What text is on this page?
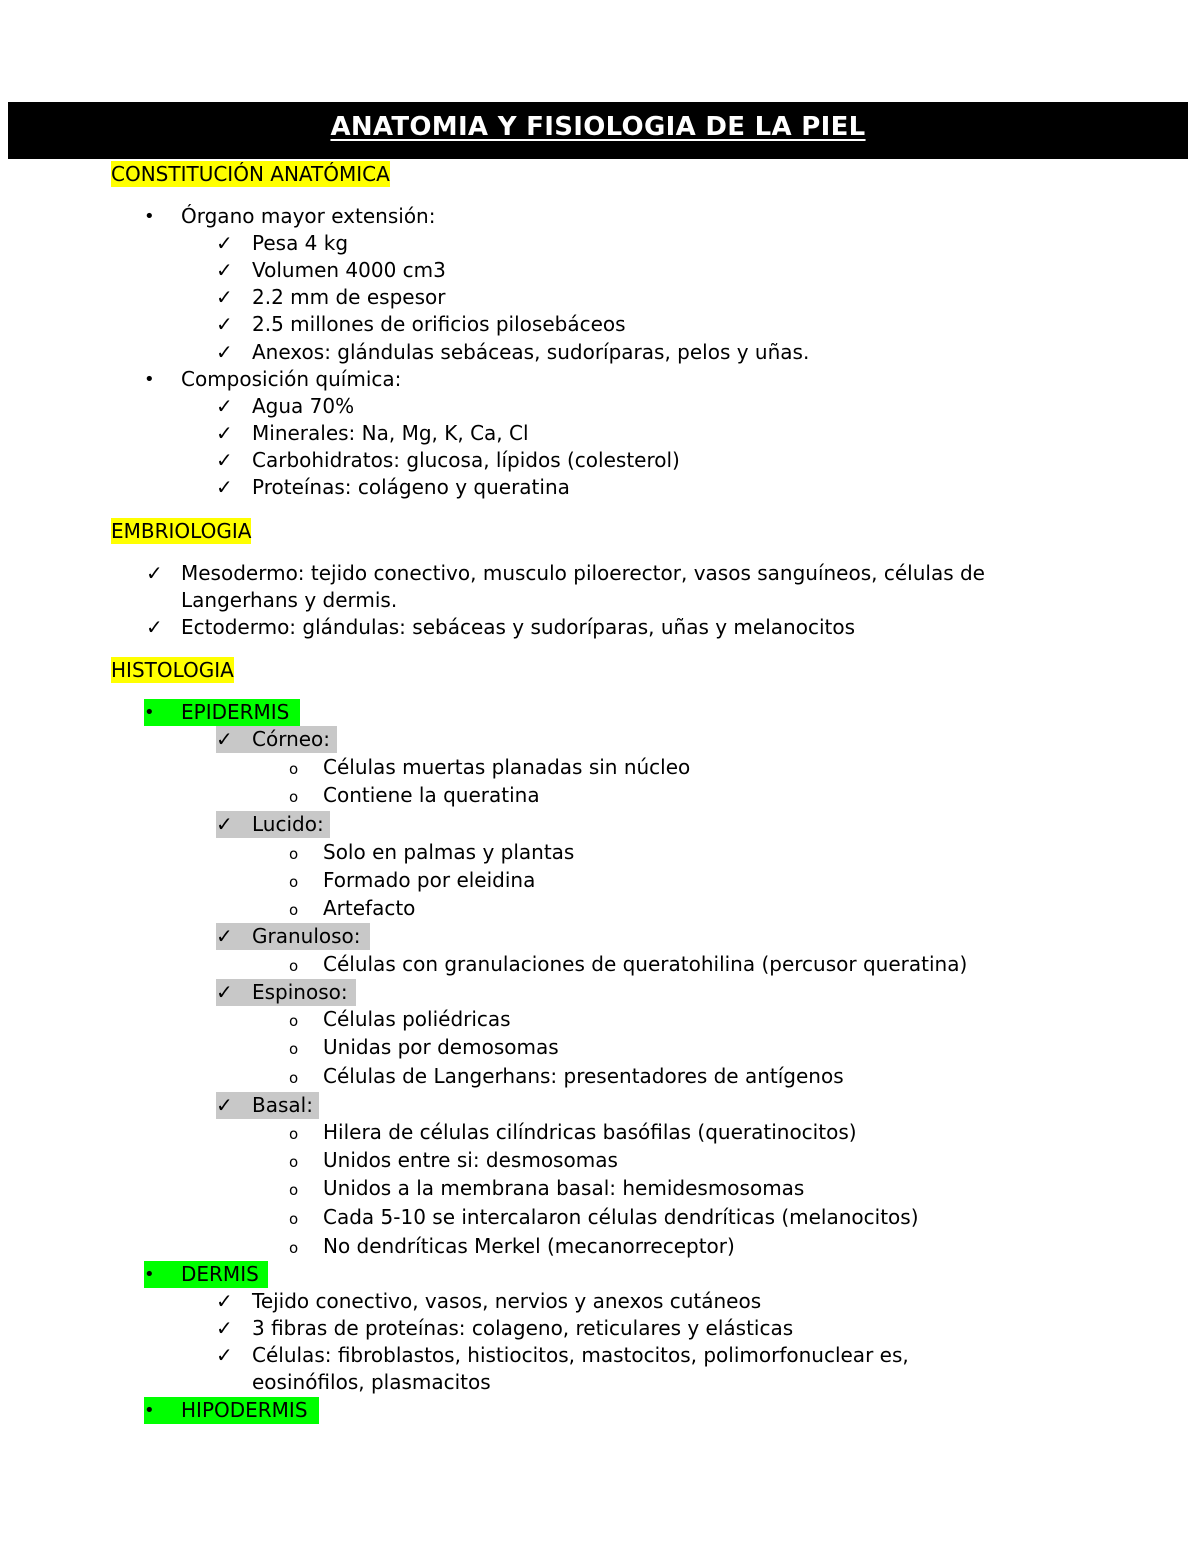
ANATOMIA Y FISIOLOGIA DE LA PIEL
CONSTITUCIÓN ANATÓMICA
• Órgano mayor extensión:
✓ Pesa 4 kg
✓ Volumen 4000 cm3
✓ 2.2 mm de espesor
✓ 2.5 millones de orificios pilosebáceos
✓ Anexos: glándulas sebáceas, sudoríparas, pelos y uñas.
• Composición química:
✓ Agua 70%
✓ Minerales: Na, Mg, K, Ca, Cl
✓ Carbohidratos: glucosa, lípidos (colesterol)
✓ Proteínas: colágeno y queratina
EMBRIOLOGIA
✓ Mesodermo: tejido conectivo, musculo piloerector, vasos sanguíneos, células de
Langerhans y dermis.
✓ Ectodermo: glándulas: sebáceas y sudoríparas, uñas y melanocitos
HISTOLOGIA
• EPIDERMIS
✓ Córneo:
o Células muertas planadas sin núcleo
o Contiene la queratina
✓ Lucido:
o Solo en palmas y plantas
o Formado por eleidina
o Artefacto
✓ Granuloso:
o Células con granulaciones de queratohilina (percusor queratina)
✓ Espinoso:
o Células poliédricas
o Unidas por demosomas
o Células de Langerhans: presentadores de antígenos
✓ Basal:
o Hilera de células cilíndricas basófilas (queratinocitos)
o Unidos entre si: desmosomas
o Unidos a la membrana basal: hemidesmosomas
o Cada 5-10 se intercalaron células dendríticas (melanocitos)
o No dendríticas Merkel (mecanorreceptor)
• DERMIS
✓ Tejido conectivo, vasos, nervios y anexos cutáneos
✓ 3 fibras de proteínas: colageno, reticulares y elásticas
✓ Células: fibroblastos, histiocitos, mastocitos, polimorfonuclear es,
eosinófilos, plasmacitos
• HIPODERMIS
